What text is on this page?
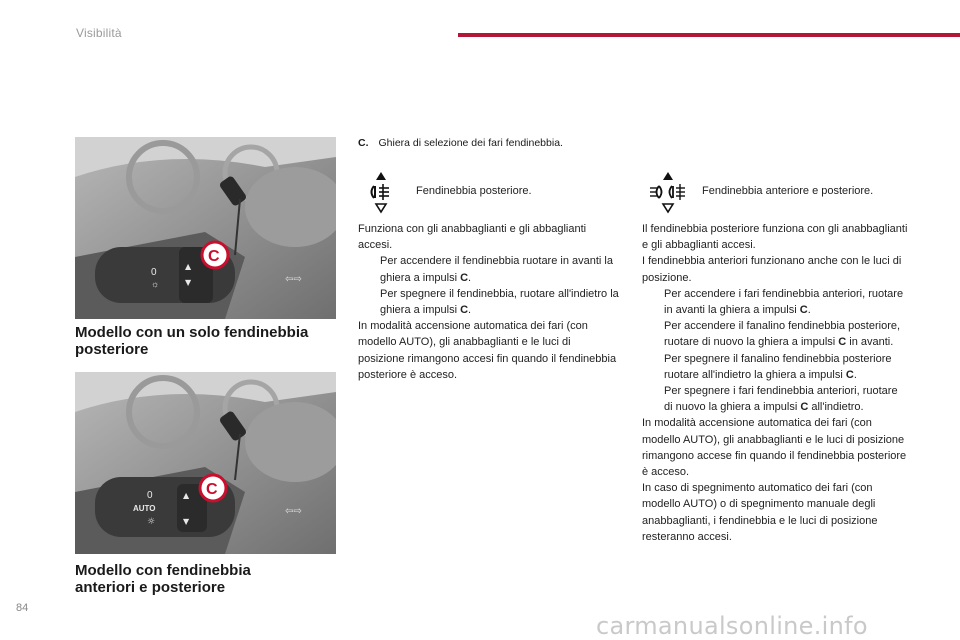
Visibilità
0
☼
▲
▼
C
⇦⇨
Modello con un solo fendinebbia
posteriore
0
AUTO
☼
▲
▼
C
⇦⇨
Modello con fendinebbia
anteriori e posteriore
C. Ghiera di selezione dei fari fendinebbia.
Fendinebbia posteriore.	Fendinebbia anteriore e posteriore.

Funziona con gli anabbaglianti e gli abbaglianti accesi.

Per accendere il fendinebbia ruotare in avanti la ghiera a impulsi C.
Per spegnere il fendinebbia, ruotare all'indietro la ghiera a impulsi C.

In modalità accensione automatica dei fari (con modello AUTO), gli anabbaglianti e le luci di posizione rimangono accesi fin quando il fendinebbia posteriore è acceso.

Il fendinebbia posteriore funziona con gli anabbaglianti e gli abbaglianti accesi.

I fendinebbia anteriori funzionano anche con le luci di posizione.

Per accendere i fari fendinebbia anteriori, ruotare in avanti la ghiera a impulsi C.
Per accendere il fanalino fendinebbia posteriore, ruotare di nuovo la ghiera a impulsi C in avanti.
Per spegnere il fanalino fendinebbia posteriore ruotare all'indietro la ghiera a impulsi C.
Per spegnere i fari fendinebbia anteriori, ruotare di nuovo la ghiera a impulsi C all'indietro.

In modalità accensione automatica dei fari (con modello AUTO), gli anabbaglianti e le luci di posizione rimangono accese fin quando il fendinebbia posteriore è acceso.

In caso di spegnimento automatico dei fari (con modello AUTO) o di spegnimento manuale degli anabbaglianti, i fendinebbia e le luci di posizione resteranno accesi.

84
carmanualsonline.info
